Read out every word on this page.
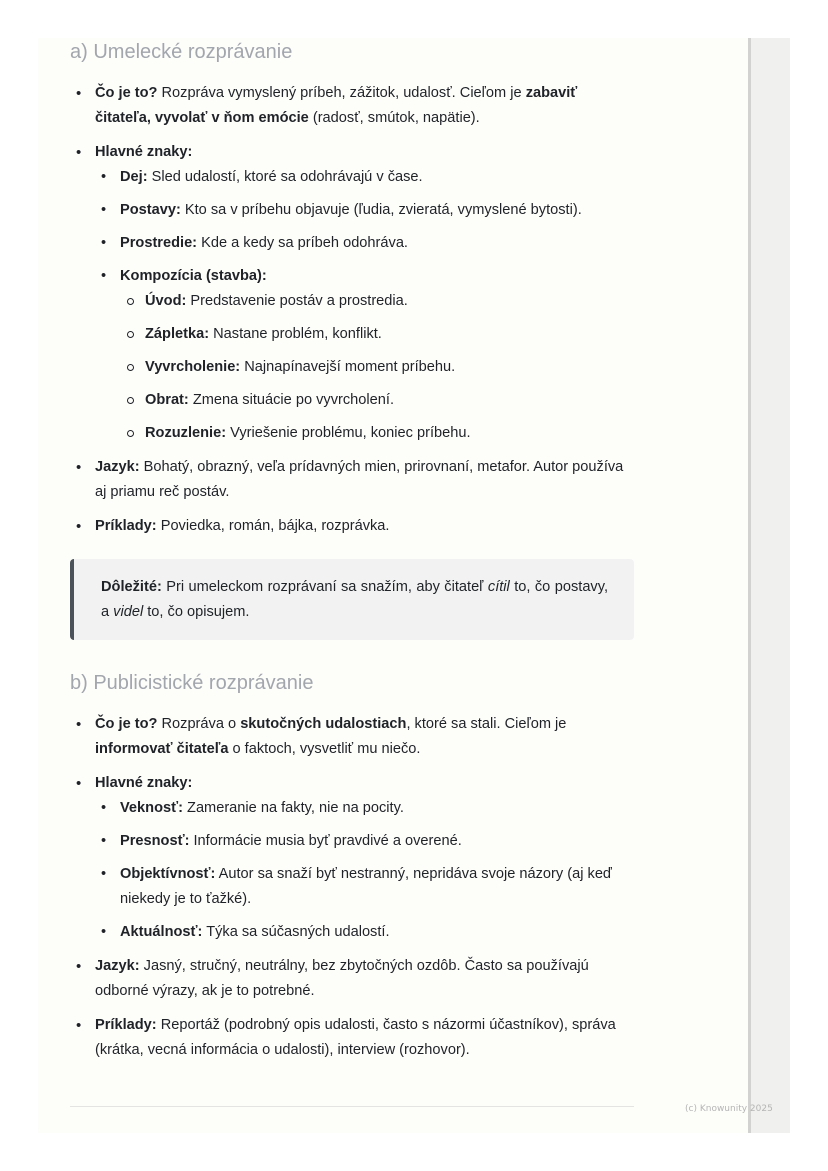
a) Umelecké rozprávanie
• Čo je to? Rozpráva vymyslený príbeh, zážitok, udalosť. Cieľom je zabaviť čitateľa, vyvolať v ňom emócie (radosť, smútok, napätie).
• Hlavné znaky:
• Dej: Sled udalostí, ktoré sa odohrávajú v čase.
• Postavy: Kto sa v príbehu objavuje (ľudia, zvieratá, vymyslené bytosti).
• Prostredie: Kde a kedy sa príbeh odohráva.
• Kompozícia (stavba):
Úvod: Predstavenie postáv a prostredia.
Zápletka: Nastane problém, konflikt.
Vyvrcholenie: Najnapínavejší moment príbehu.
Obrat: Zmena situácie po vyvrcholení.
Rozuzlenie: Vyriešenie problému, koniec príbehu.
• Jazyk: Bohatý, obrazný, veľa prídavných mien, prirovnaní, metafor. Autor používa aj priamu reč postáv.
• Príklady: Poviedka, román, bájka, rozprávka.
Dôležité: Pri umeleckom rozprávaní sa snažím, aby čitateľ cítil to, čo postavy, a videl to, čo opisujem.
b) Publicistické rozprávanie
• Čo je to? Rozpráva o skutočných udalostiach, ktoré sa stali. Cieľom je informovať čitateľa o faktoch, vysvetliť mu niečo.
• Hlavné znaky:
• Veknosť: Zameranie na fakty, nie na pocity.
• Presnosť: Informácie musia byť pravdivé a overené.
• Objektívnosť: Autor sa snaží byť nestranný, nepridáva svoje názory (aj keď niekedy je to ťažké).
• Aktuálnosť: Týka sa súčasných udalostí.
• Jazyk: Jasný, stručný, neutrálny, bez zbytočných ozdôb. Často sa používajú odborné výrazy, ak je to potrebné.
• Príklady: Reportáž (podrobný opis udalosti, často s názormi účastníkov), správa (krátka, vecná informácia o udalosti), interview (rozhovor).
(c) Knowunity 2025
